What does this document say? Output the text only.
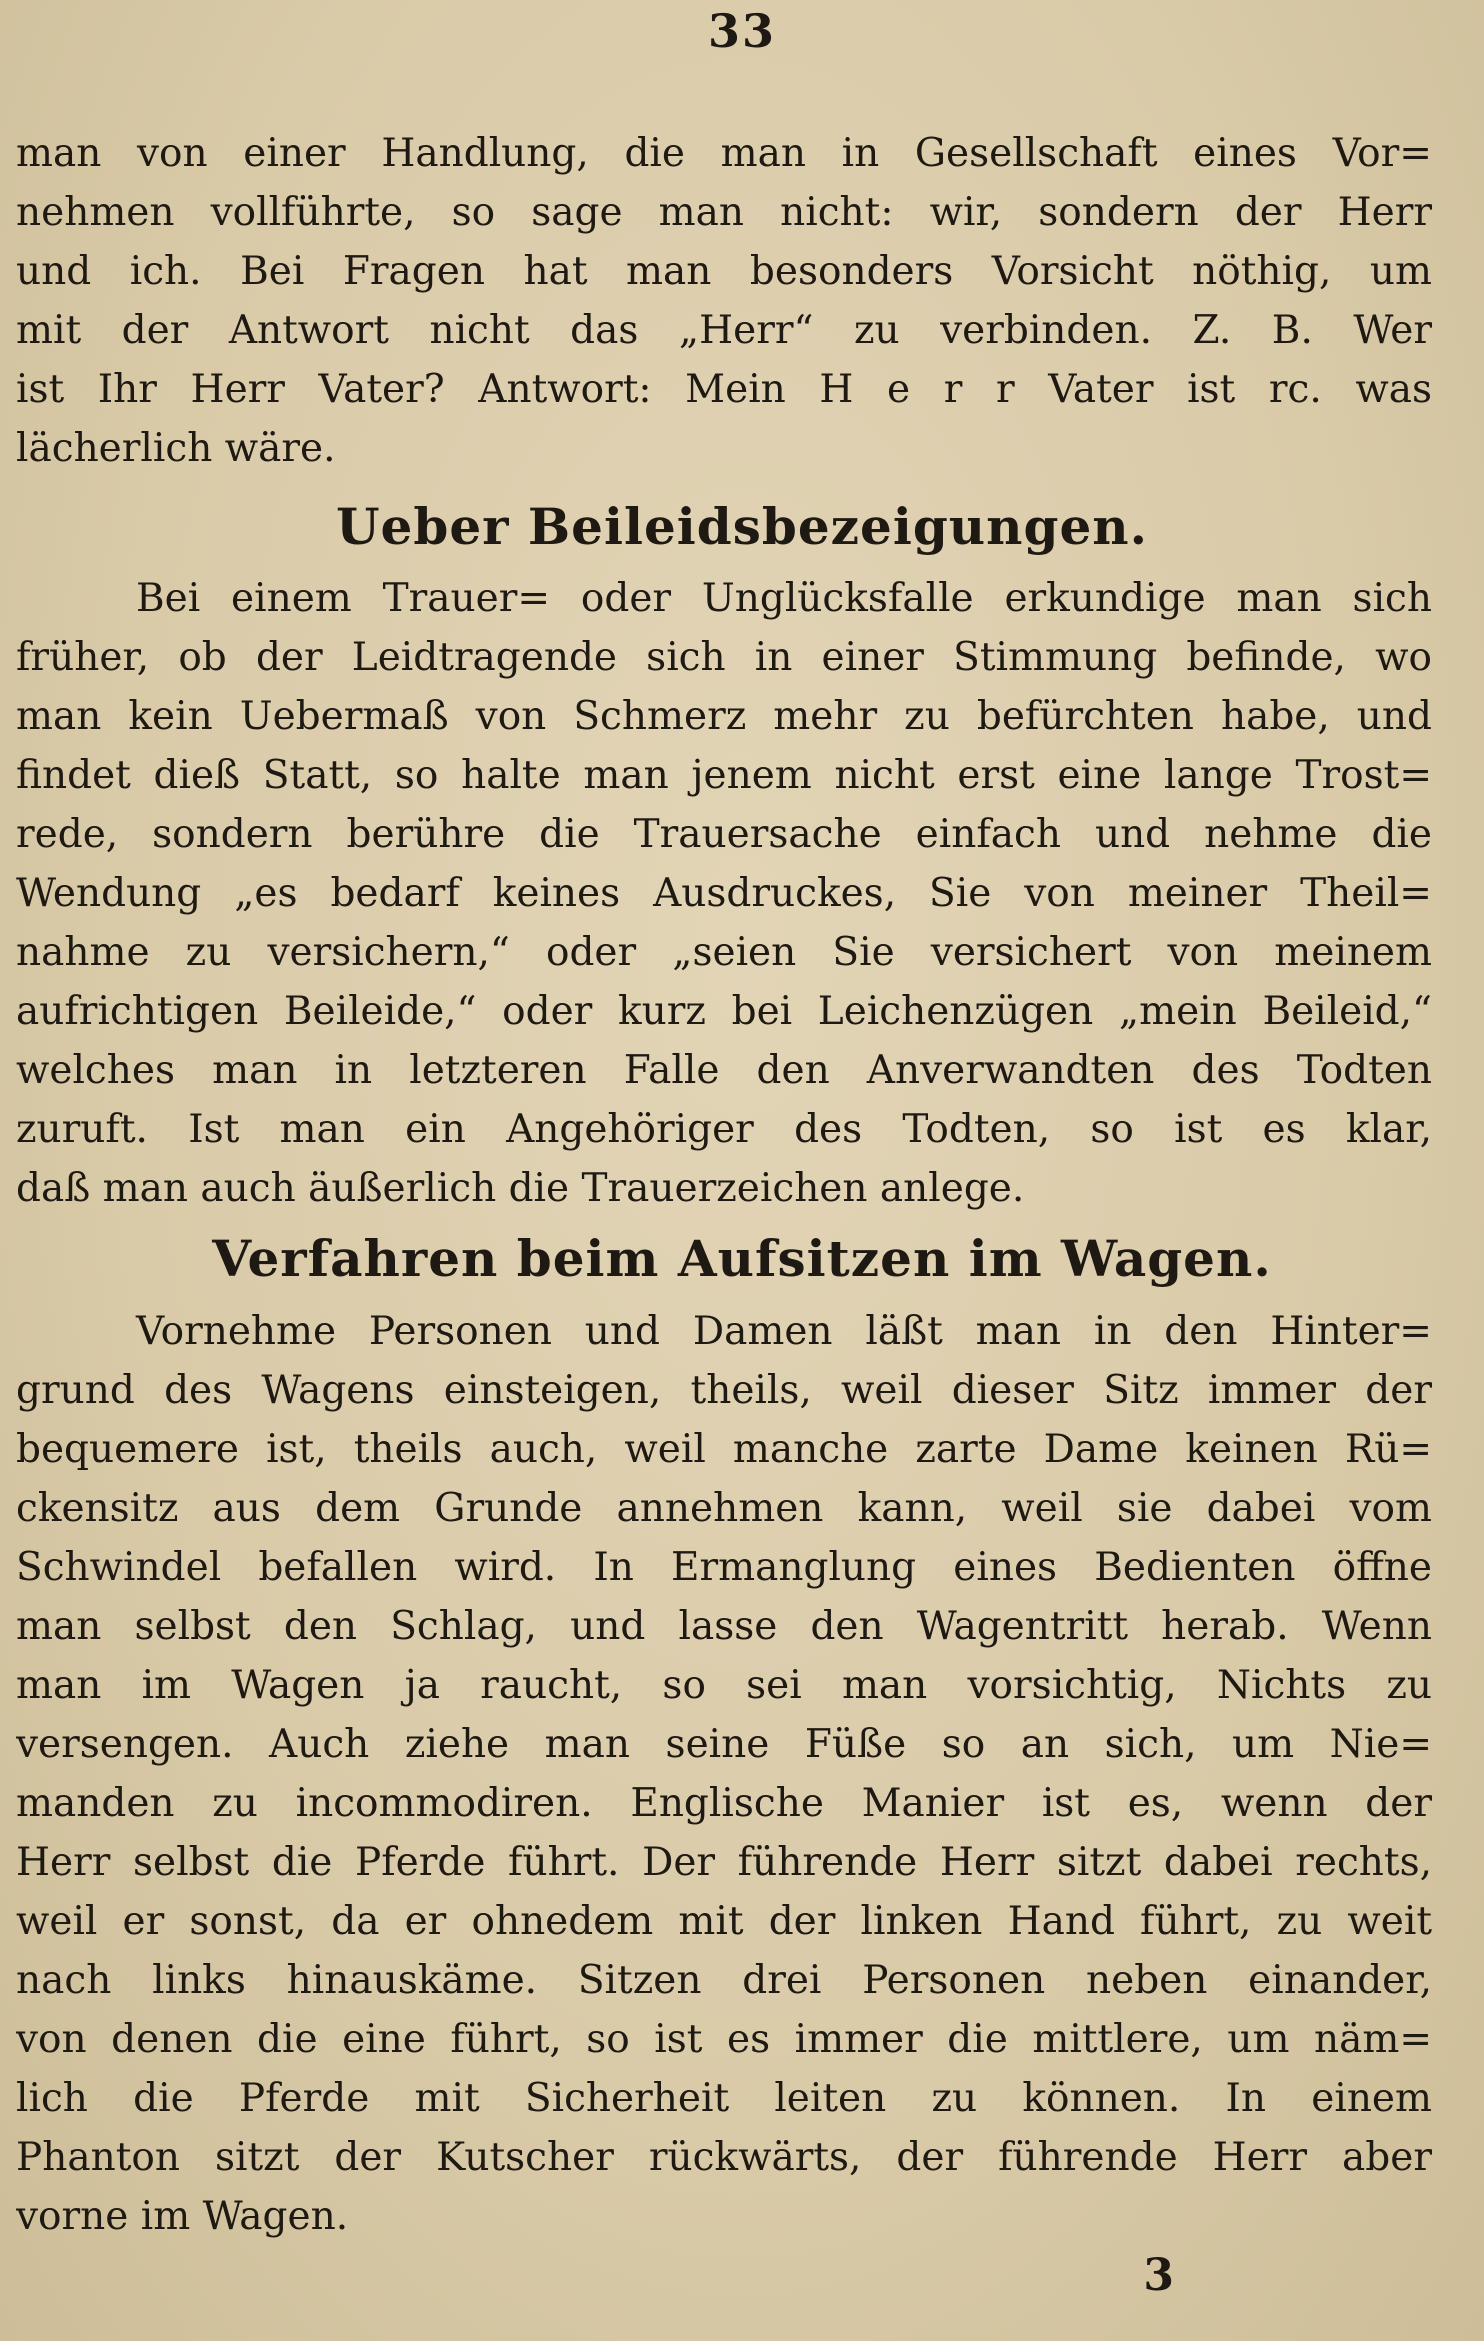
33
man von einer Handlung, die man in Gesellschaft eines Vor=
nehmen vollführte, so sage man nicht: wir, sondern der Herr
und ich. Bei Fragen hat man besonders Vorsicht nöthig, um
mit der Antwort nicht das „Herr“ zu verbinden. Z. B. Wer
ist Ihr Herr Vater? Antwort: Mein H e r r Vater ist rc. was
lächerlich wäre.
Ueber Beileidsbezeigungen.
Bei einem Trauer= oder Unglücksfalle erkundige man sich
früher, ob der Leidtragende sich in einer Stimmung befinde, wo
man kein Uebermaß von Schmerz mehr zu befürchten habe, und
findet dieß Statt, so halte man jenem nicht erst eine lange Trost=
rede, sondern berühre die Trauersache einfach und nehme die
Wendung „es bedarf keines Ausdruckes, Sie von meiner Theil=
nahme zu versichern,“ oder „seien Sie versichert von meinem
aufrichtigen Beileide,“ oder kurz bei Leichenzügen „mein Beileid,“
welches man in letzteren Falle den Anverwandten des Todten
zuruft. Ist man ein Angehöriger des Todten, so ist es klar,
daß man auch äußerlich die Trauerzeichen anlege.
Verfahren beim Aufsitzen im Wagen.
Vornehme Personen und Damen läßt man in den Hinter=
grund des Wagens einsteigen, theils, weil dieser Sitz immer der
bequemere ist, theils auch, weil manche zarte Dame keinen Rü=
ckensitz aus dem Grunde annehmen kann, weil sie dabei vom
Schwindel befallen wird. In Ermanglung eines Bedienten öffne
man selbst den Schlag, und lasse den Wagentritt herab. Wenn
man im Wagen ja raucht, so sei man vorsichtig, Nichts zu
versengen. Auch ziehe man seine Füße so an sich, um Nie=
manden zu incommodiren. Englische Manier ist es, wenn der
Herr selbst die Pferde führt. Der führende Herr sitzt dabei rechts,
weil er sonst, da er ohnedem mit der linken Hand führt, zu weit
nach links hinauskäme. Sitzen drei Personen neben einander,
von denen die eine führt, so ist es immer die mittlere, um näm=
lich die Pferde mit Sicherheit leiten zu können. In einem
Phanton sitzt der Kutscher rückwärts, der führende Herr aber
vorne im Wagen.
3
